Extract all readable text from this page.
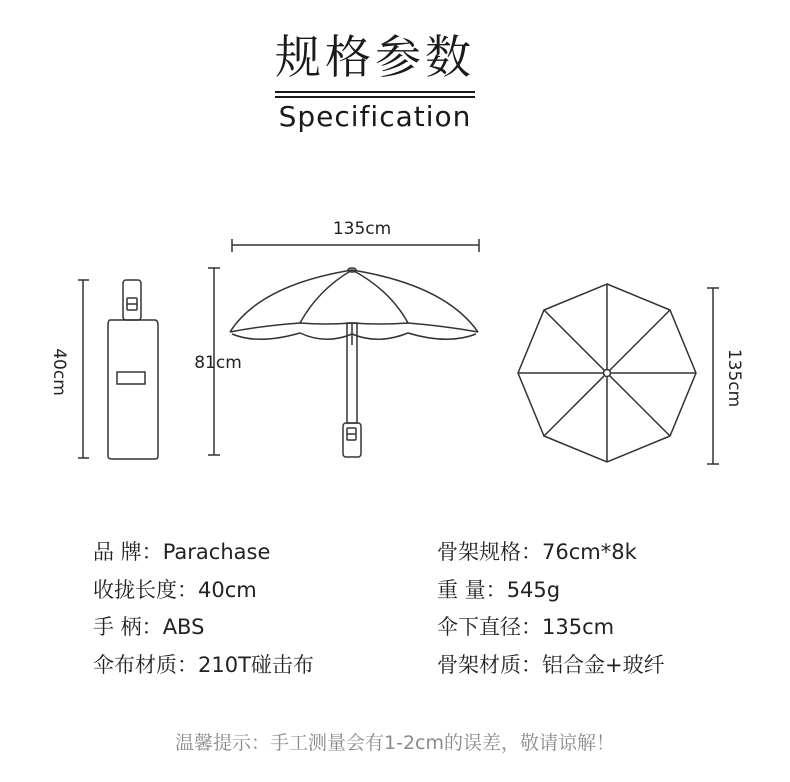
规格参数
Specification
135cm
81cm
40cm	135cm
品 牌：Parachase	骨架规格：76cm*8k
收拢长度：40cm	重 量：545g
手 柄：ABS	伞下直径：135cm
伞布材质：210T碰击布	骨架材质：铝合金+玻纤
温馨提示：手工测量会有1-2cm的误差，敬请谅解！
